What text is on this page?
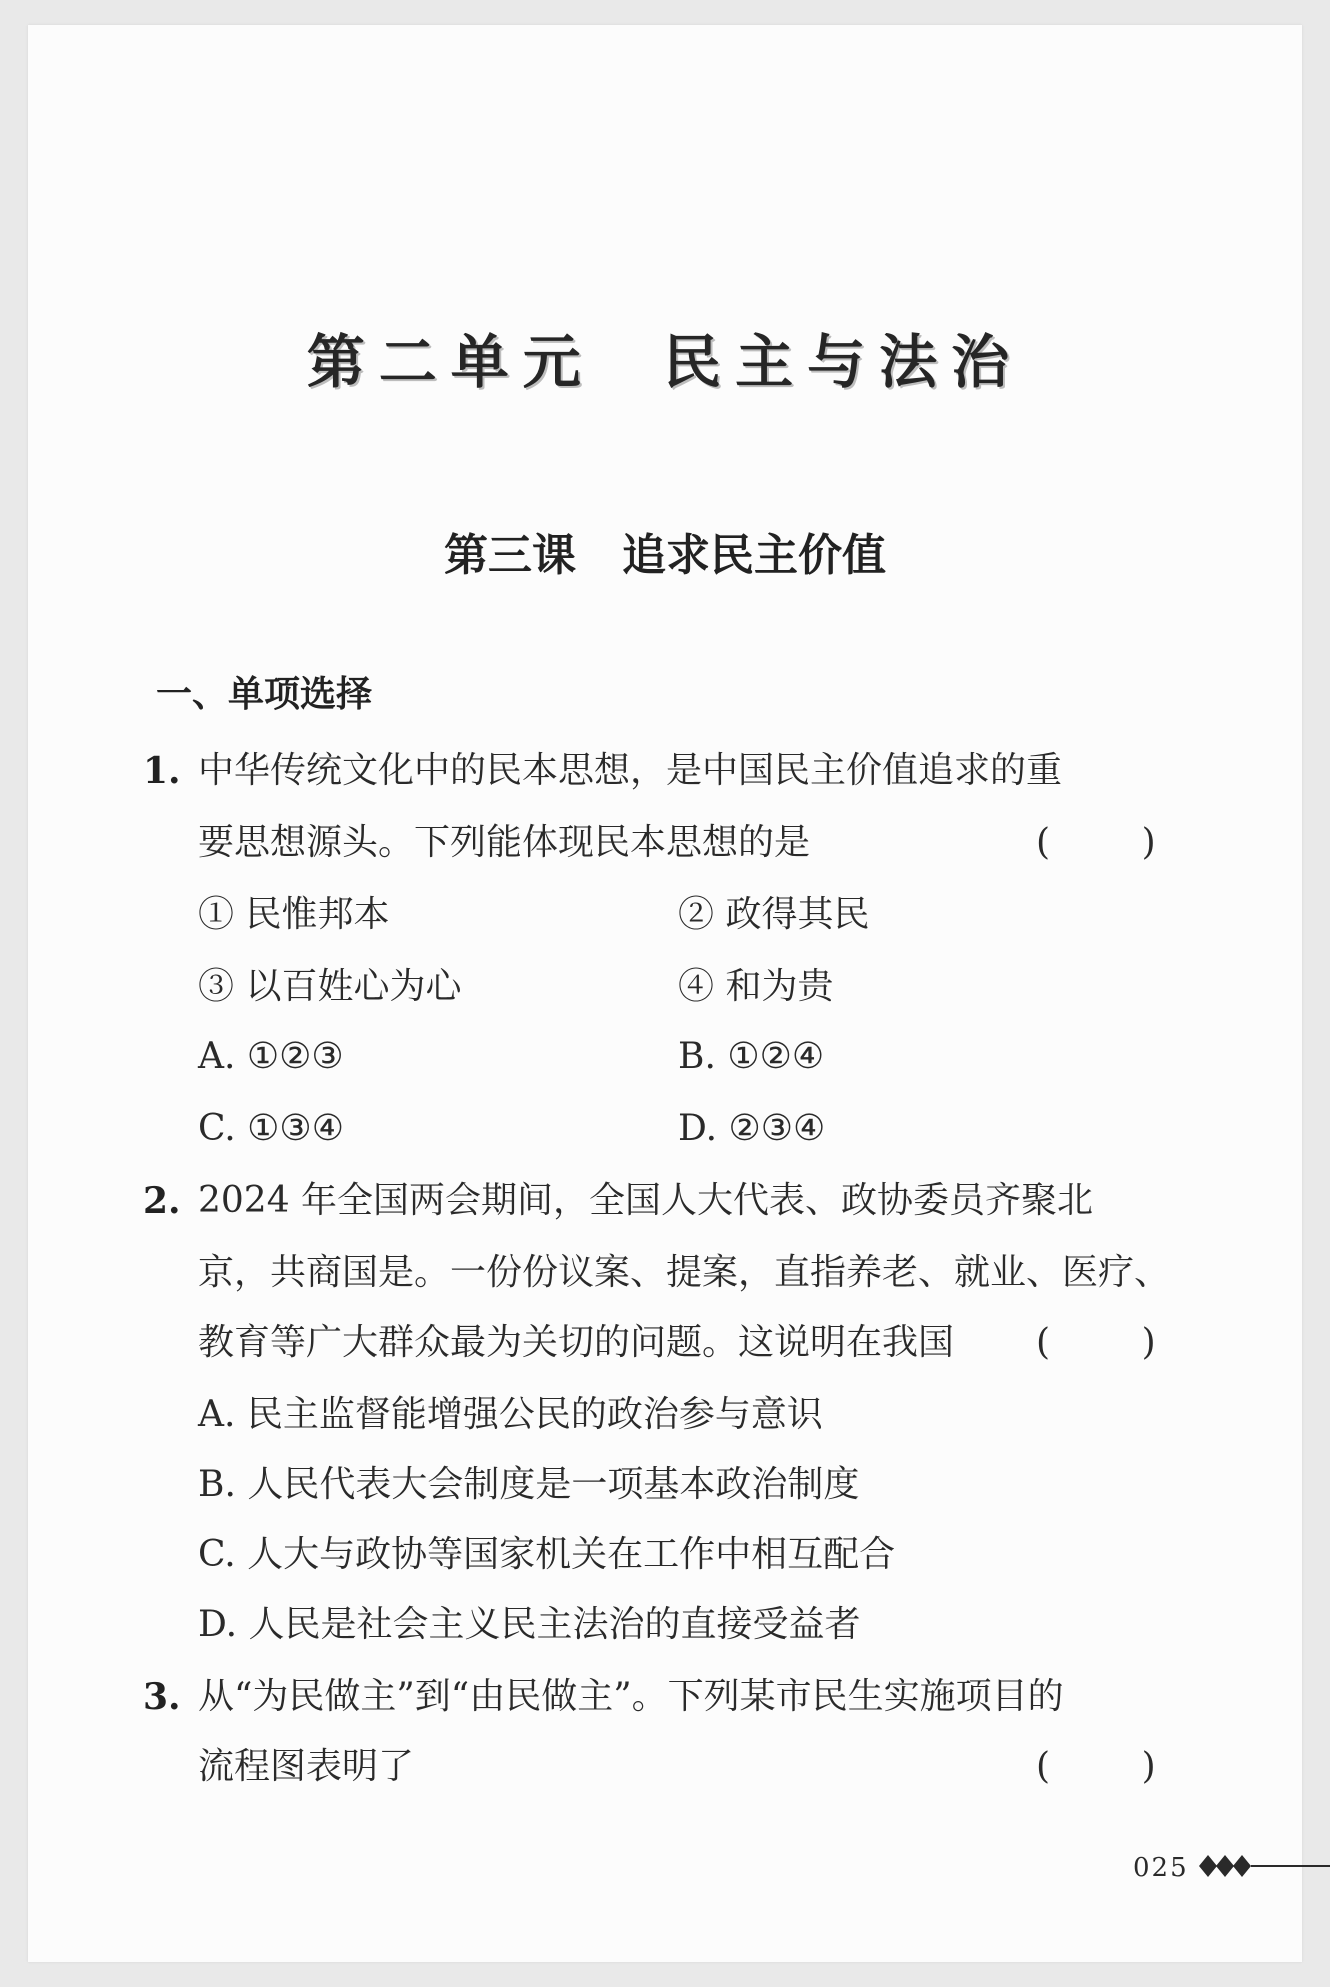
第二单元  民主与法治
第三课   追求民主价值
一、单项选择
1. 中华传统文化中的民本思想，是中国民主价值追求的重
要思想源头。下列能体现民本思想的是	(        )
① 民惟邦本	② 政得其民
③ 以百姓心为心	④ 和为贵
A. ①②③	B. ①②④
C. ①③④	D. ②③④
2. 2024 年全国两会期间，全国人大代表、政协委员齐聚北
京，共商国是。一份份议案、提案，直指养老、就业、医疗、
教育等广大群众最为关切的问题。这说明在我国 (        )
A. 民主监督能增强公民的政治参与意识
B. 人民代表大会制度是一项基本政治制度
C. 人大与政协等国家机关在工作中相互配合
D. 人民是社会主义民主法治的直接受益者
3. 从“为民做主”到“由民做主”。下列某市民生实施项目的
流程图表明了	(        )
025
